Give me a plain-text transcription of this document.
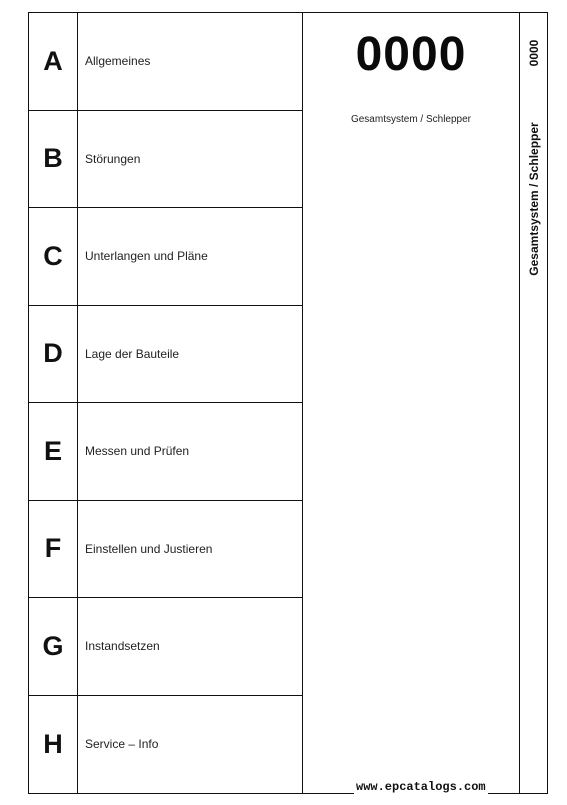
A	Allgemeines
B	Störungen
C	Unterlangen und Pläne
D	Lage der Bauteile
E	Messen und Prüfen
F	Einstellen und Justieren
G	Instandsetzen
H	Service – Info
0000
Gesamtsystem / Schlepper
0000
Gesamtsystem / Schlepper
www.epcatalogs.com
